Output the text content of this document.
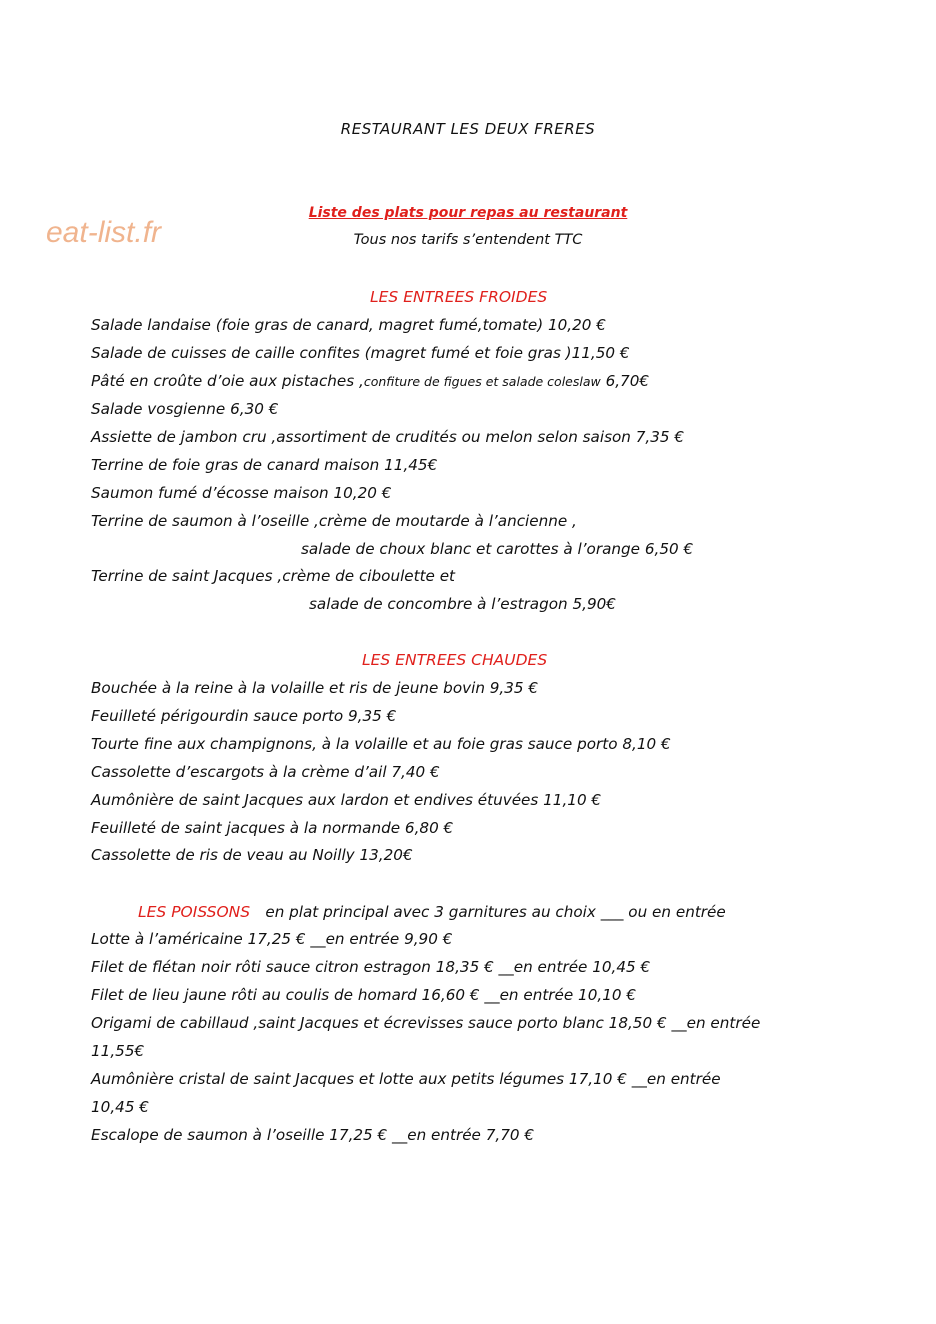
RESTAURANT LES DEUX FRERES
eat-list.fr
Liste des plats pour repas au restaurant
Tous nos tarifs s’entendent TTC
LES ENTREES FROIDES
Salade landaise (foie gras de canard, magret fumé,tomate) 10,20 €
Salade de cuisses de caille confites (magret fumé et foie gras )11,50 €
Pâté en croûte d’oie aux pistaches ,confiture de figues et salade coleslaw 6,70€
Salade vosgienne 6,30 €
Assiette de jambon cru ,assortiment de crudités ou melon selon saison 7,35 €
Terrine de foie gras de canard maison 11,45€
Saumon fumé d’écosse maison 10,20 €
Terrine de saumon à l’oseille ,crème de moutarde à l’ancienne ,
salade de choux blanc et carottes à l’orange 6,50 €
Terrine de saint Jacques ,crème de ciboulette et
salade de concombre à l’estragon 5,90€
LES ENTREES CHAUDES
Bouchée à la reine à la volaille et ris de jeune bovin 9,35 €
Feuilleté périgourdin sauce porto 9,35 €
Tourte fine aux champignons, à la volaille et au foie gras sauce porto 8,10 €
Cassolette d’escargots à la crème d’ail 7,40 €
Aumônière de saint Jacques aux lardon et endives étuvées 11,10 €
Feuilleté de saint jacques à la normande 6,80 €
Cassolette de ris de veau au Noilly 13,20€
LES POISSONS en plat principal avec 3 garnitures au choix ___ ou en entrée
Lotte à l’américaine 17,25 € __en entrée 9,90 €
Filet de flétan noir rôti sauce citron estragon 18,35 € __en entrée 10,45 €
Filet de lieu jaune rôti au coulis de homard 16,60 € __en entrée 10,10 €
Origami de cabillaud ,saint Jacques et écrevisses sauce porto blanc 18,50 € __en entrée
11,55€
Aumônière cristal de saint Jacques et lotte aux petits légumes 17,10 € __en entrée
10,45 €
Escalope de saumon à l’oseille 17,25 € __en entrée 7,70 €
